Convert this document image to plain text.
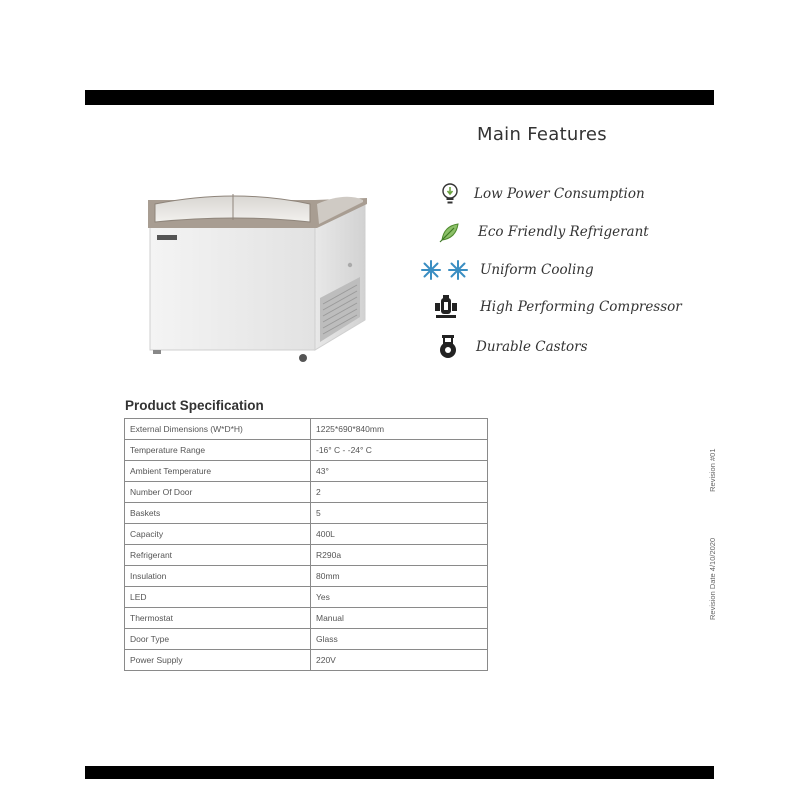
Main Features
Low Power Consumption
Eco Friendly Refrigerant
Uniform Cooling
High Performing Compressor
Durable Castors
Product Specification
External Dimensions (W*D*H)	1225*690*840mm
Temperature Range	-16° C - -24° C
Ambient Temperature	43°
Number Of Door	2
Baskets	5
Capacity	400L
Refrigerant	R290a
Insulation	80mm
LED	Yes
Thermostat	Manual
Door Type	Glass
Power Supply	220V
Revision Date 4/10/2020
Revision #01
